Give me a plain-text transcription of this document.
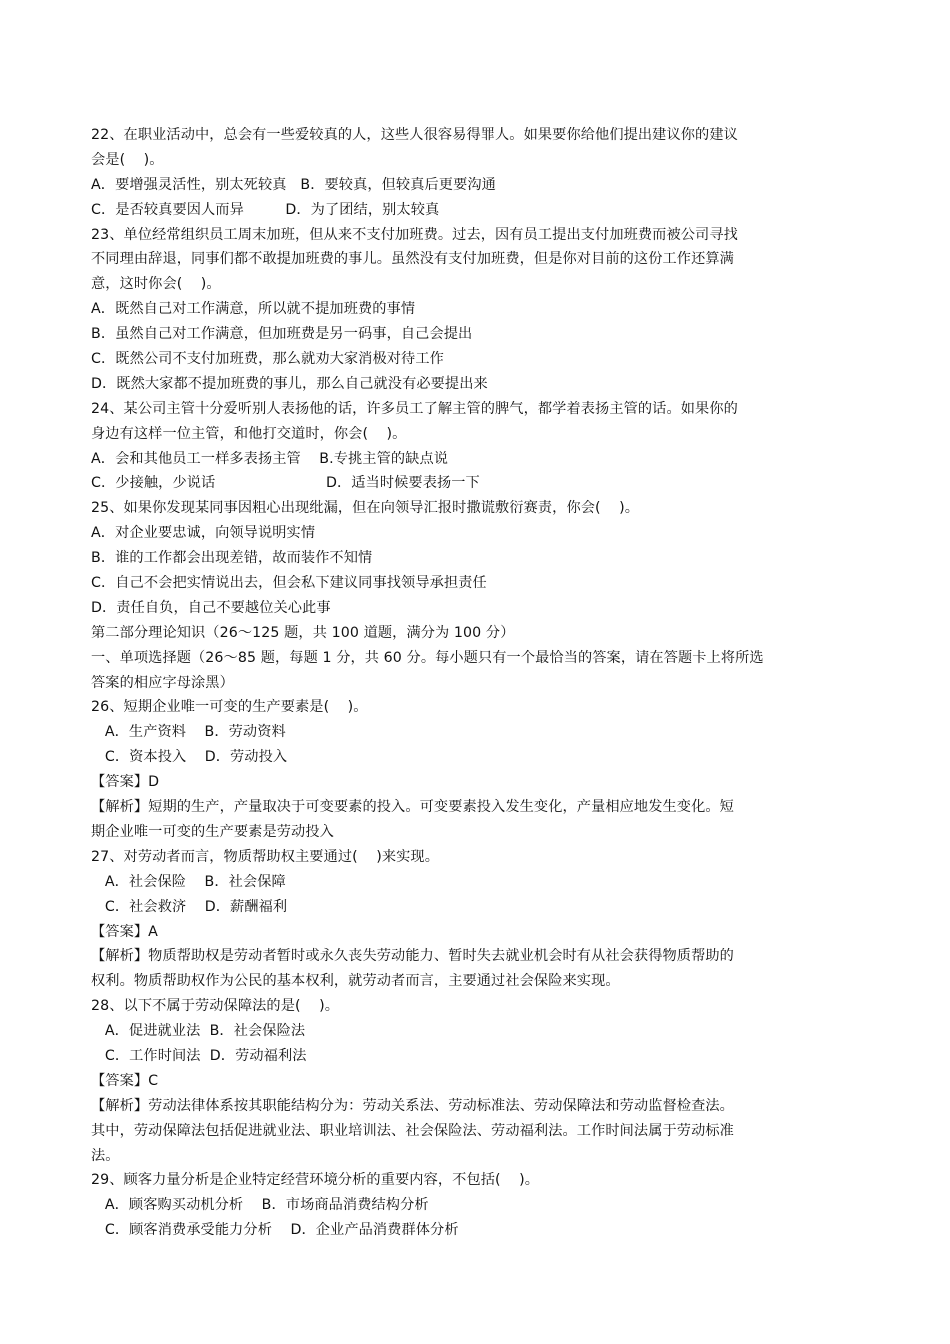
22、在职业活动中，总会有一些爱较真的人，这些人很容易得罪人。如果要你给他们提出建议你的建议
会是(    )。
A．要增强灵活性，别太死较真   B．要较真，但较真后更要沟通
C．是否较真要因人而异         D．为了团结，别太较真
23、单位经常组织员工周末加班，但从来不支付加班费。过去，因有员工提出支付加班费而被公司寻找
不同理由辞退，同事们都不敢提加班费的事儿。虽然没有支付加班费，但是你对目前的这份工作还算满
意，这时你会(    )。
A．既然自己对工作满意，所以就不提加班费的事情
B．虽然自己对工作满意，但加班费是另一码事，自己会提出
C．既然公司不支付加班费，那么就劝大家消极对待工作
D．既然大家都不提加班费的事儿，那么自己就没有必要提出来
24、某公司主管十分爱听别人表扬他的话，许多员工了解主管的脾气，都学着表扬主管的话。如果你的
身边有这样一位主管，和他打交道时，你会(    )。
A．会和其他员工一样多表扬主管    B.专挑主管的缺点说
C．少接触，少说话                        D．适当时候要表扬一下
25、如果你发现某同事因粗心出现纰漏，但在向领导汇报时撒谎敷衍赛责，你会(    )。
A．对企业要忠诚，向领导说明实情
B．谁的工作都会出现差错，故而装作不知情
C．自己不会把实情说出去，但会私下建议同事找领导承担责任
D．责任自负，自己不要越位关心此事
第二部分理论知识（26～125 题，共 100 道题，满分为 100 分）
一、单项选择题（26～85 题，每题 1 分，共 60 分。每小题只有一个最恰当的答案，请在答题卡上将所选
答案的相应字母涂黑）
26、短期企业唯一可变的生产要素是(    )。
A．生产资料    B．劳动资料
C．资本投入    D．劳动投入
【答案】D
【解析】短期的生产，产量取决于可变要素的投入。可变要素投入发生变化，产量相应地发生变化。短
期企业唯一可变的生产要素是劳动投入
27、对劳动者而言，物质帮助权主要通过(    )来实现。
A．社会保险    B．社会保障
C．社会救济    D．薪酬福利
【答案】A
【解析】物质帮助权是劳动者暂时或永久丧失劳动能力、暂时失去就业机会时有从社会获得物质帮助的
权利。物质帮助权作为公民的基本权利，就劳动者而言，主要通过社会保险来实现。
28、以下不属于劳动保障法的是(    )。
A．促进就业法  B．社会保险法
C．工作时间法  D．劳动福利法
【答案】C
【解析】劳动法律体系按其职能结构分为：劳动关系法、劳动标准法、劳动保障法和劳动监督检查法。
其中，劳动保障法包括促进就业法、职业培训法、社会保险法、劳动福利法。工作时间法属于劳动标准
法。
29、顾客力量分析是企业特定经营环境分析的重要内容，不包括(    )。
A．顾客购买动机分析    B．市场商品消费结构分析
C．顾客消费承受能力分析    D．企业产品消费群体分析
